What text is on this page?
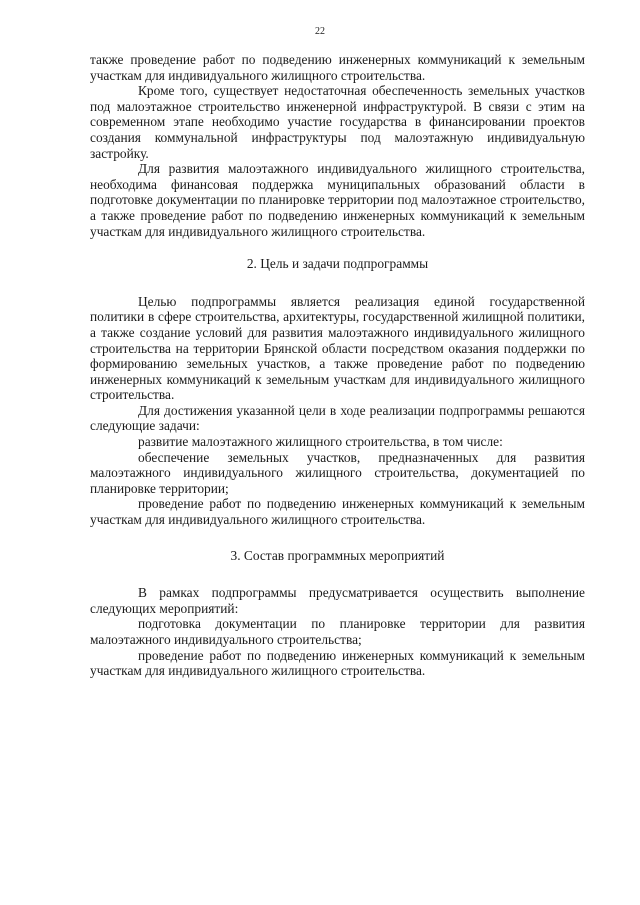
22

также проведение работ по подведению инженерных коммуникаций к земельным участкам для индивидуального жилищного строительства.

Кроме того, существует недостаточная обеспеченность земельных участков под малоэтажное строительство инженерной инфраструктурой. В связи с этим на современном этапе необходимо участие государства в финансировании проектов создания коммунальной инфраструктуры под малоэтажную индивидуальную застройку.

Для развития малоэтажного индивидуального жилищного строительства, необходима финансовая поддержка муниципальных образований области в подготовке документации по планировке территории под малоэтажное строительство, а также проведение работ по подведению инженерных коммуникаций к земельным участкам для индивидуального жилищного строительства.

2. Цель и задачи подпрограммы

Целью подпрограммы является реализация единой государственной политики в сфере строительства, архитектуры, государственной жилищной политики, а также создание условий для развития малоэтажного индивидуального жилищного строительства на территории Брянской области посредством оказания поддержки по формированию земельных участков, а также проведение работ по подведению инженерных коммуникаций к земельным участкам для индивидуального жилищного строительства.

Для достижения указанной цели в ходе реализации подпрограммы решаются следующие задачи:

развитие малоэтажного жилищного строительства, в том числе:

обеспечение земельных участков, предназначенных для развития малоэтажного индивидуального жилищного строительства, документацией по планировке территории;

проведение работ по подведению инженерных коммуникаций к земельным участкам для индивидуального жилищного строительства.

3. Состав программных мероприятий

В рамках подпрограммы предусматривается осуществить выполнение следующих мероприятий:

подготовка документации по планировке территории для развития малоэтажного индивидуального строительства;

проведение работ по подведению инженерных коммуникаций к земельным участкам для индивидуального жилищного строительства.
